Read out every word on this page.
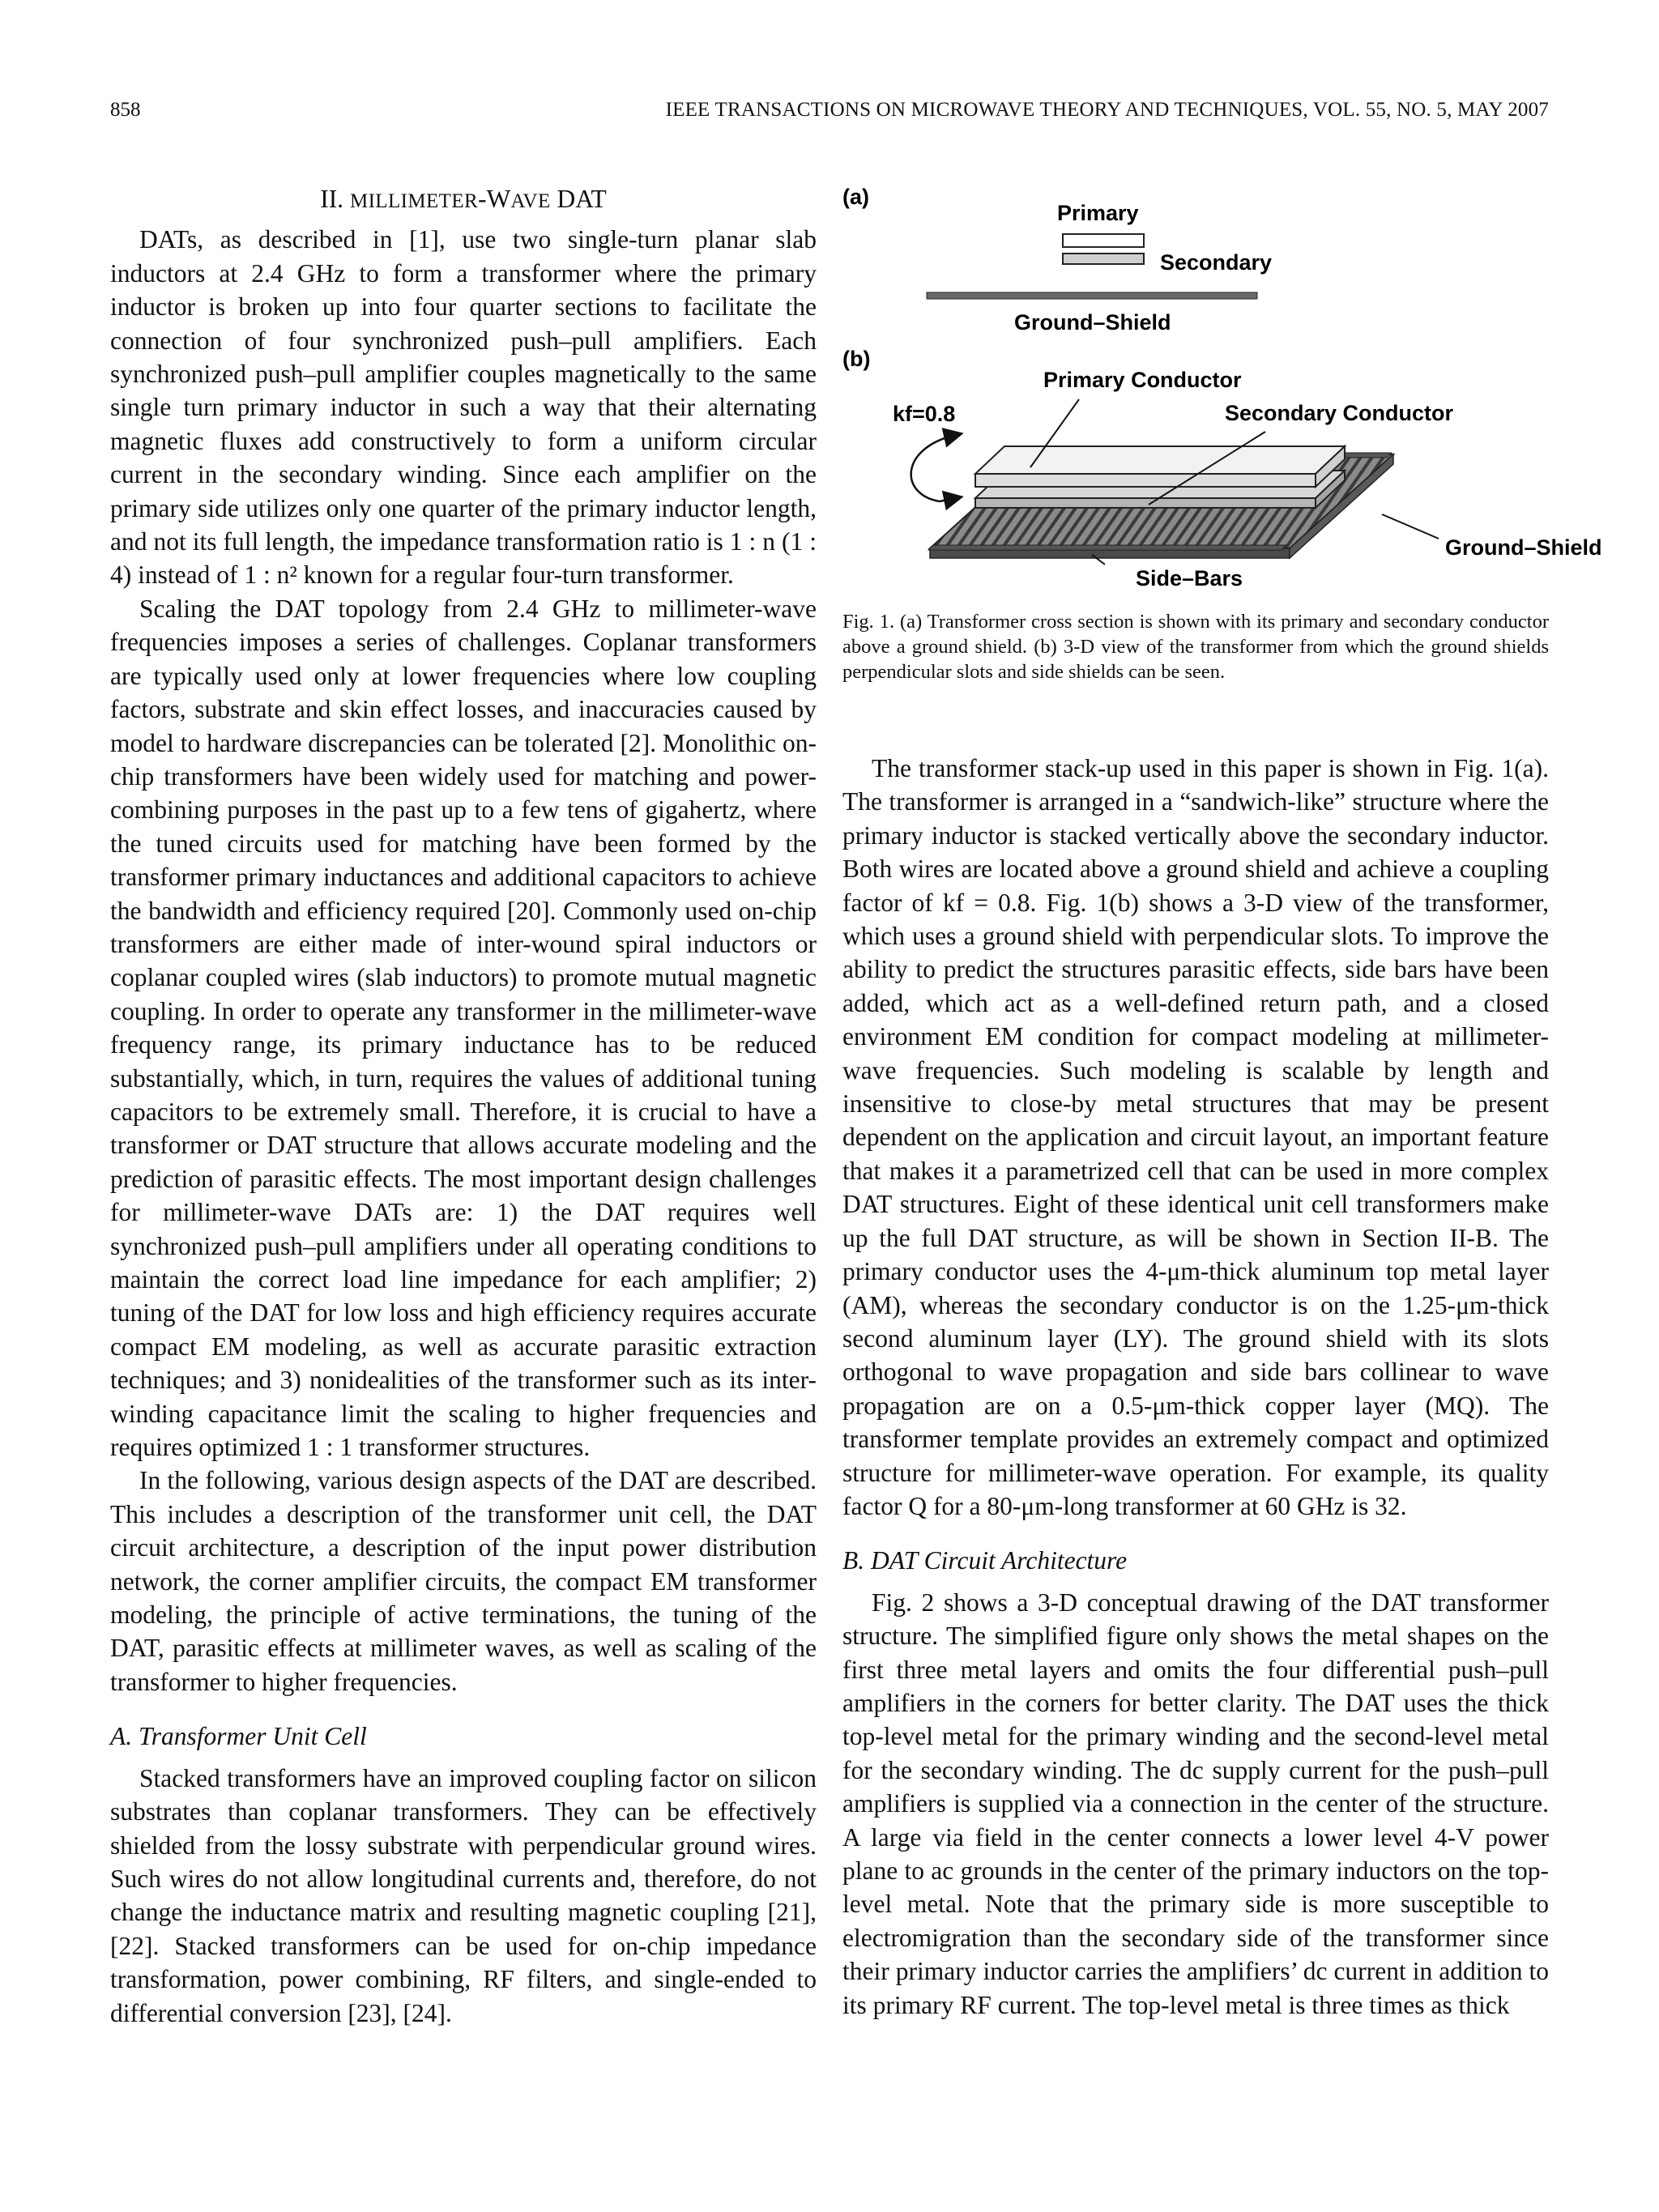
858	IEEE TRANSACTIONS ON MICROWAVE THEORY AND TECHNIQUES, VOL. 55, NO. 5, MAY 2007
II. MILLIMETER-WAVE DAT

DATs, as described in [1], use two single-turn planar slab inductors at 2.4 GHz to form a transformer where the primary inductor is broken up into four quarter sections to facilitate the connection of four synchronized push–pull amplifiers. Each synchronized push–pull amplifier couples magnetically to the same single turn primary inductor in such a way that their alternating magnetic fluxes add constructively to form a uniform circular current in the secondary winding. Since each amplifier on the primary side utilizes only one quarter of the primary inductor length, and not its full length, the impedance transformation ratio is 1 : n (1 : 4) instead of 1 : n² known for a regular four-turn transformer.

Scaling the DAT topology from 2.4 GHz to millimeter-wave frequencies imposes a series of challenges. Coplanar transformers are typically used only at lower frequencies where low coupling factors, substrate and skin effect losses, and inaccuracies caused by model to hardware discrepancies can be tolerated [2]. Monolithic on-chip transformers have been widely used for matching and power-combining purposes in the past up to a few tens of gigahertz, where the tuned circuits used for matching have been formed by the transformer primary inductances and additional capacitors to achieve the bandwidth and efficiency required [20]. Commonly used on-chip transformers are either made of inter-wound spiral inductors or coplanar coupled wires (slab inductors) to promote mutual magnetic coupling. In order to operate any transformer in the millimeter-wave frequency range, its primary inductance has to be reduced substantially, which, in turn, requires the values of additional tuning capacitors to be extremely small. Therefore, it is crucial to have a transformer or DAT structure that allows accurate modeling and the prediction of parasitic effects. The most important design challenges for millimeter-wave DATs are: 1) the DAT requires well synchronized push–pull amplifiers under all operating conditions to maintain the correct load line impedance for each amplifier; 2) tuning of the DAT for low loss and high efficiency requires accurate compact EM modeling, as well as accurate parasitic extraction techniques; and 3) nonidealities of the transformer such as its inter-winding capacitance limit the scaling to higher frequencies and requires optimized 1 : 1 transformer structures.

In the following, various design aspects of the DAT are described. This includes a description of the transformer unit cell, the DAT circuit architecture, a description of the input power distribution network, the corner amplifier circuits, the compact EM transformer modeling, the principle of active terminations, the tuning of the DAT, parasitic effects at millimeter waves, as well as scaling of the transformer to higher frequencies.

A. Transformer Unit Cell

Stacked transformers have an improved coupling factor on silicon substrates than coplanar transformers. They can be effectively shielded from the lossy substrate with perpendicular ground wires. Such wires do not allow longitudinal currents and, therefore, do not change the inductance matrix and resulting magnetic coupling [21], [22]. Stacked transformers can be used for on-chip impedance transformation, power combining, RF filters, and single-ended to differential conversion [23], [24].

(a)
Primary
Secondary
Ground–Shield
(b)
Primary Conductor
Secondary Conductor
kf=0.8
Ground–Shield
Side–Bars
Fig. 1. (a) Transformer cross section is shown with its primary and secondary conductor above a ground shield. (b) 3-D view of the transformer from which the ground shields perpendicular slots and side shields can be seen.

The transformer stack-up used in this paper is shown in Fig. 1(a). The transformer is arranged in a “sandwich-like” structure where the primary inductor is stacked vertically above the secondary inductor. Both wires are located above a ground shield and achieve a coupling factor of kf = 0.8. Fig. 1(b) shows a 3-D view of the transformer, which uses a ground shield with perpendicular slots. To improve the ability to predict the structures parasitic effects, side bars have been added, which act as a well-defined return path, and a closed environment EM condition for compact modeling at millimeter-wave frequencies. Such modeling is scalable by length and insensitive to close-by metal structures that may be present dependent on the application and circuit layout, an important feature that makes it a parametrized cell that can be used in more complex DAT structures. Eight of these identical unit cell transformers make up the full DAT structure, as will be shown in Section II-B. The primary conductor uses the 4-μm-thick aluminum top metal layer (AM), whereas the secondary conductor is on the 1.25-μm-thick second aluminum layer (LY). The ground shield with its slots orthogonal to wave propagation and side bars collinear to wave propagation are on a 0.5-μm-thick copper layer (MQ). The transformer template provides an extremely compact and optimized structure for millimeter-wave operation. For example, its quality factor Q for a 80-μm-long transformer at 60 GHz is 32.

B. DAT Circuit Architecture

Fig. 2 shows a 3-D conceptual drawing of the DAT transformer structure. The simplified figure only shows the metal shapes on the first three metal layers and omits the four differential push–pull amplifiers in the corners for better clarity. The DAT uses the thick top-level metal for the primary winding and the second-level metal for the secondary winding. The dc supply current for the push–pull amplifiers is supplied via a connection in the center of the structure. A large via field in the center connects a lower level 4-V power plane to ac grounds in the center of the primary inductors on the top-level metal. Note that the primary side is more susceptible to electromigration than the secondary side of the transformer since their primary inductor carries the amplifiers’ dc current in addition to its primary RF current. The top-level metal is three times as thick
